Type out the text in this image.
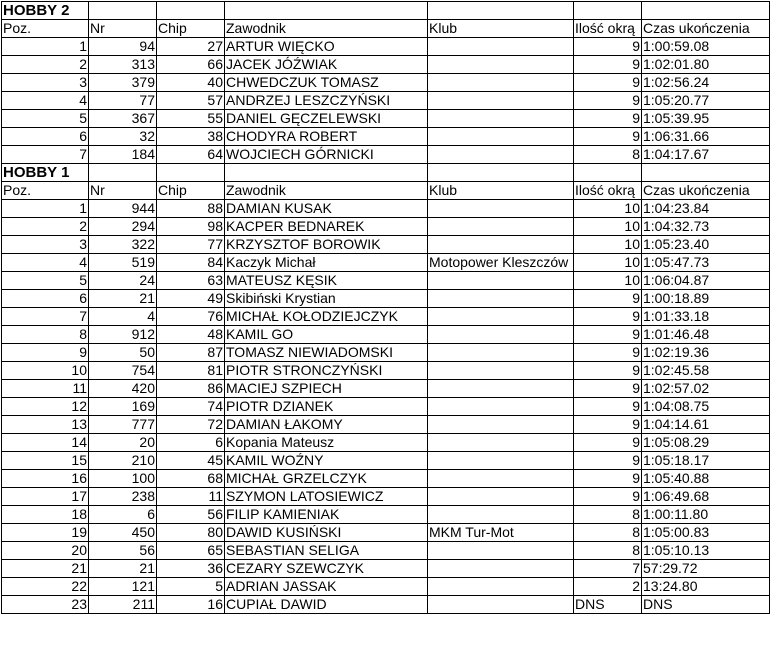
HOBBY 2						
Poz.	Nr	Chip	Zawodnik	Klub	Ilość okrą	Czas ukończenia
1	94	27	ARTUR WIĘCKO		9	1:00:59.08
2	313	66	JACEK JÓŹWIAK		9	1:02:01.80
3	379	40	CHWEDCZUK TOMASZ		9	1:02:56.24
4	77	57	ANDRZEJ LESZCZYŃSKI		9	1:05:20.77
5	367	55	DANIEL GĘCZELEWSKI		9	1:05:39.95
6	32	38	CHODYRA ROBERT		9	1:06:31.66
7	184	64	WOJCIECH GÓRNICKI		8	1:04:17.67
HOBBY 1						
Poz.	Nr	Chip	Zawodnik	Klub	Ilość okrą	Czas ukończenia
1	944	88	DAMIAN KUSAK		10	1:04:23.84
2	294	98	KACPER BEDNAREK		10	1:04:32.73
3	322	77	KRZYSZTOF BOROWIK		10	1:05:23.40
4	519	84	Kaczyk Michał	Motopower Kleszczów	10	1:05:47.73
5	24	63	MATEUSZ KĘSIK		10	1:06:04.87
6	21	49	Skibiński Krystian		9	1:00:18.89
7	4	76	MICHAŁ KOŁODZIEJCZYK		9	1:01:33.18
8	912	48	KAMIL GO		9	1:01:46.48
9	50	87	TOMASZ NIEWIADOMSKI		9	1:02:19.36
10	754	81	PIOTR STRONCZYŃSKI		9	1:02:45.58
11	420	86	MACIEJ SZPIECH		9	1:02:57.02
12	169	74	PIOTR DZIANEK		9	1:04:08.75
13	777	72	DAMIAN ŁAKOMY		9	1:04:14.61
14	20	6	Kopania Mateusz		9	1:05:08.29
15	210	45	KAMIL WOŹNY		9	1:05:18.17
16	100	68	MICHAŁ GRZELCZYK		9	1:05:40.88
17	238	11	SZYMON LATOSIEWICZ		9	1:06:49.68
18	6	56	FILIP KAMIENIAK		8	1:00:11.80
19	450	80	DAWID KUSIŃSKI	MKM Tur-Mot	8	1:05:00.83
20	56	65	SEBASTIAN SELIGA		8	1:05:10.13
21	21	36	CEZARY SZEWCZYK		7	57:29.72
22	121	5	ADRIAN JASSAK		2	13:24.80
23	211	16	CUPIAŁ DAWID		DNS	DNS
